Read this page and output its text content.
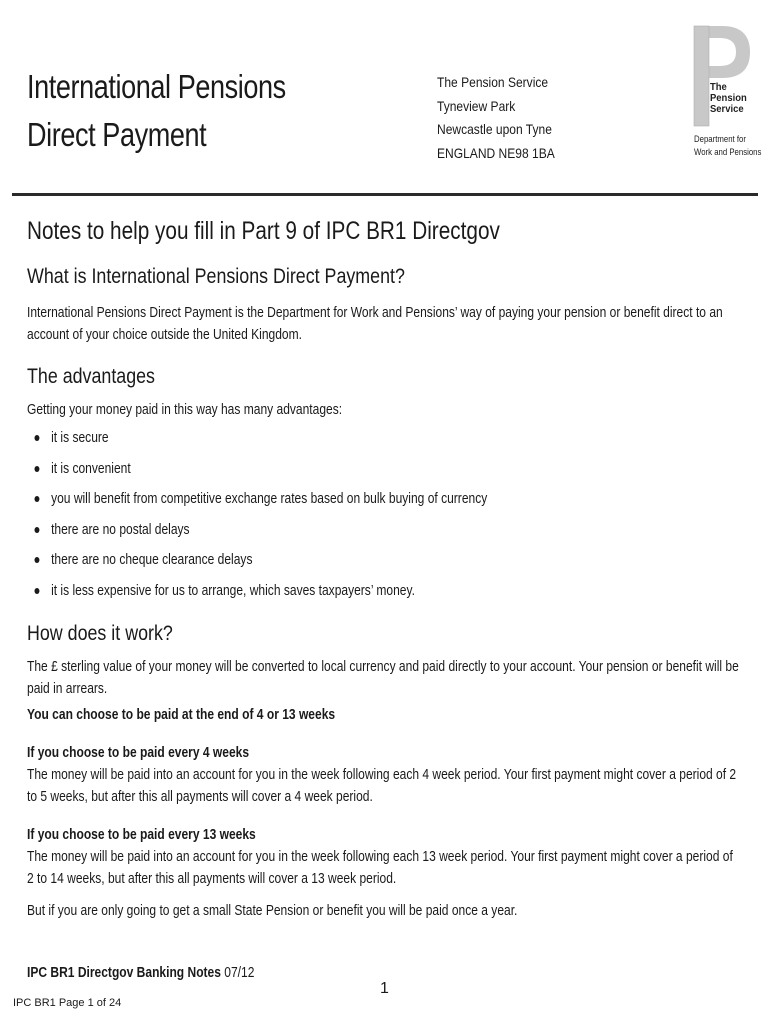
International Pensions
Direct Payment
The Pension Service
Tyneview Park
Newcastle upon Tyne
ENGLAND NE98 1BA
The
Pension
Service
Department for
Work and Pensions
Notes to help you fill in Part 9 of IPC BR1 Directgov
What is International Pensions Direct Payment?

International Pensions Direct Payment is the Department for Work and Pensions’ way of paying your pension or benefit direct to an account of your choice outside the United Kingdom.

The advantages

Getting your money paid in this way has many advantages:

it is secure
it is convenient
you will benefit from competitive exchange rates based on bulk buying of currency
there are no postal delays
there are no cheque clearance delays
it is less expensive for us to arrange, which saves taxpayers’ money.
How does it work?

The £ sterling value of your money will be converted to local currency and paid directly to your account. Your pension or benefit will be paid in arrears.

You can choose to be paid at the end of 4 or 13 weeks

If you choose to be paid every 4 weeks

The money will be paid into an account for you in the week following each 4 week period. Your first payment might cover a period of 2 to 5 weeks, but after this all payments will cover a 4 week period.

If you choose to be paid every 13 weeks

The money will be paid into an account for you in the week following each 13 week period. Your first payment might cover a period of 2 to 14 weeks, but after this all payments will cover a 13 week period.

But if you are only going to get a small State Pension or benefit you will be paid once a year.

IPC BR1 Directgov Banking Notes 07/12
1
IPC BR1 Page 1 of 24
